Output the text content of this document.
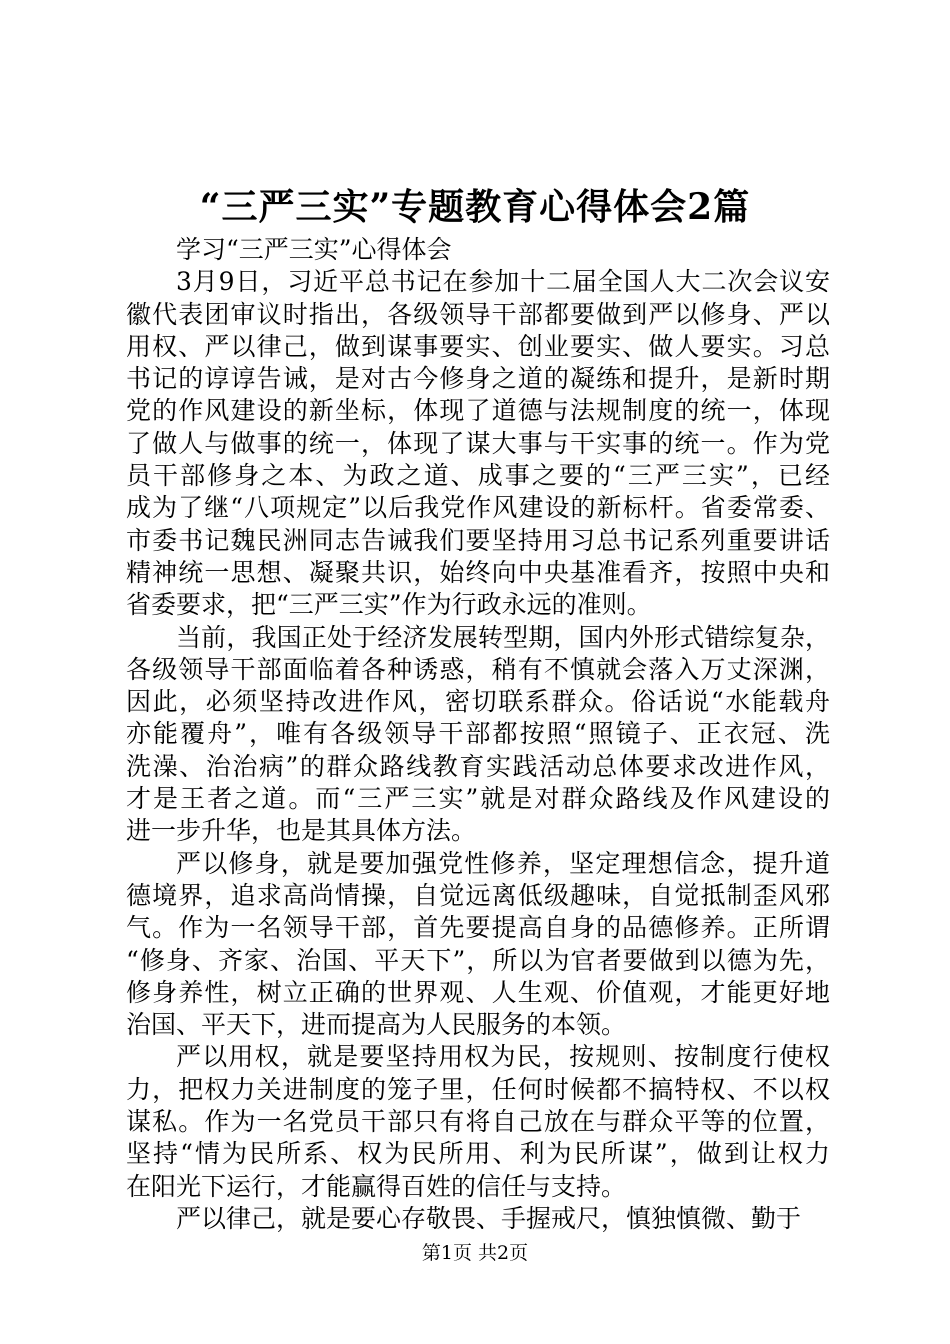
“三严三实”专题教育心得体会2篇
学习“三严三实”心得体会
3月9日，习近平总书记在参加十二届全国人大二次会议安
徽代表团审议时指出，各级领导干部都要做到严以修身、严以
用权、严以律己，做到谋事要实、创业要实、做人要实。习总
书记的谆谆告诫，是对古今修身之道的凝练和提升，是新时期
党的作风建设的新坐标，体现了道德与法规制度的统一，体现
了做人与做事的统一，体现了谋大事与干实事的统一。作为党
员干部修身之本、为政之道、成事之要的“三严三实”，已经
成为了继“八项规定”以后我党作风建设的新标杆。省委常委、
市委书记魏民洲同志告诫我们要坚持用习总书记系列重要讲话
精神统一思想、凝聚共识，始终向中央基准看齐，按照中央和
省委要求，把“三严三实”作为行政永远的准则。
当前，我国正处于经济发展转型期，国内外形式错综复杂，
各级领导干部面临着各种诱惑，稍有不慎就会落入万丈深渊，
因此，必须坚持改进作风，密切联系群众。俗话说“水能载舟
亦能覆舟”，唯有各级领导干部都按照“照镜子、正衣冠、洗
洗澡、治治病”的群众路线教育实践活动总体要求改进作风，
才是王者之道。而“三严三实”就是对群众路线及作风建设的
进一步升华，也是其具体方法。
严以修身，就是要加强党性修养，坚定理想信念，提升道
德境界，追求高尚情操，自觉远离低级趣味，自觉抵制歪风邪
气。作为一名领导干部，首先要提高自身的品德修养。正所谓
“修身、齐家、治国、平天下”，所以为官者要做到以德为先，
修身养性，树立正确的世界观、人生观、价值观，才能更好地
治国、平天下，进而提高为人民服务的本领。
严以用权，就是要坚持用权为民，按规则、按制度行使权
力，把权力关进制度的笼子里，任何时候都不搞特权、不以权
谋私。作为一名党员干部只有将自己放在与群众平等的位置，
坚持“情为民所系、权为民所用、利为民所谋”，做到让权力
在阳光下运行，才能赢得百姓的信任与支持。
严以律己，就是要心存敬畏、手握戒尺，慎独慎微、勤于
第1页 共2页
